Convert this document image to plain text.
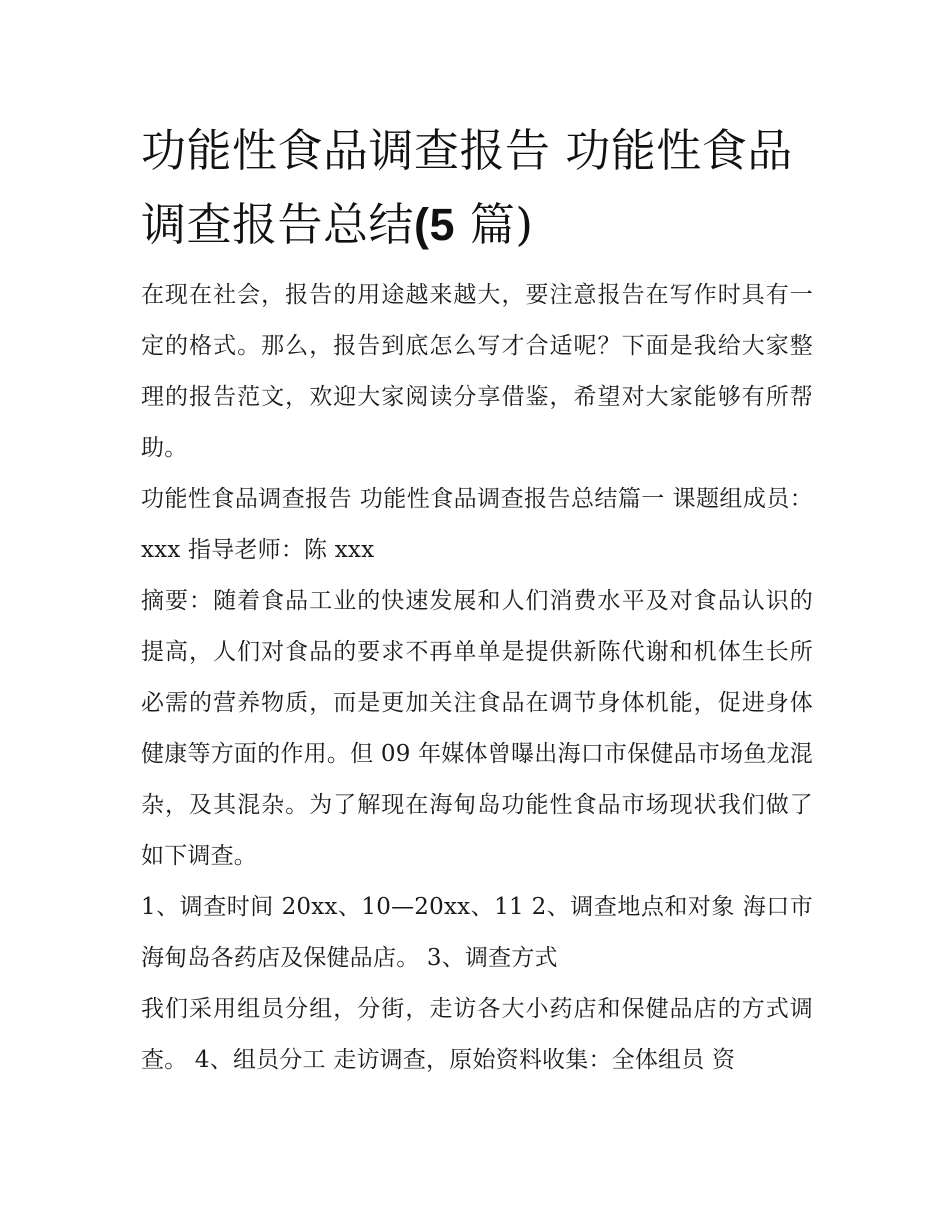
功能性食品调查报告 功能性食品调查报告总结(5 篇)

在现在社会，报告的用途越来越大，要注意报告在写作时具有一定的格式。那么，报告到底怎么写才合适呢？下面是我给大家整理的报告范文，欢迎大家阅读分享借鉴，希望对大家能够有所帮助。

功能性食品调查报告 功能性食品调查报告总结篇一 课题组成员：xxx 指导老师：陈 xxx

摘要：随着食品工业的快速发展和人们消费水平及对食品认识的提高，人们对食品的要求不再单单是提供新陈代谢和机体生长所必需的营养物质，而是更加关注食品在调节身体机能，促进身体健康等方面的作用。但 09 年媒体曾曝出海口市保健品市场鱼龙混杂，及其混杂。为了解现在海甸岛功能性食品市场现状我们做了如下调查。

1、调查时间 20xx、10—20xx、11 2、调查地点和对象 海口市海甸岛各药店及保健品店。 3、调查方式

我们采用组员分组，分街，走访各大小药店和保健品店的方式调查。 4、组员分工 走访调查，原始资料收集：全体组员 资
